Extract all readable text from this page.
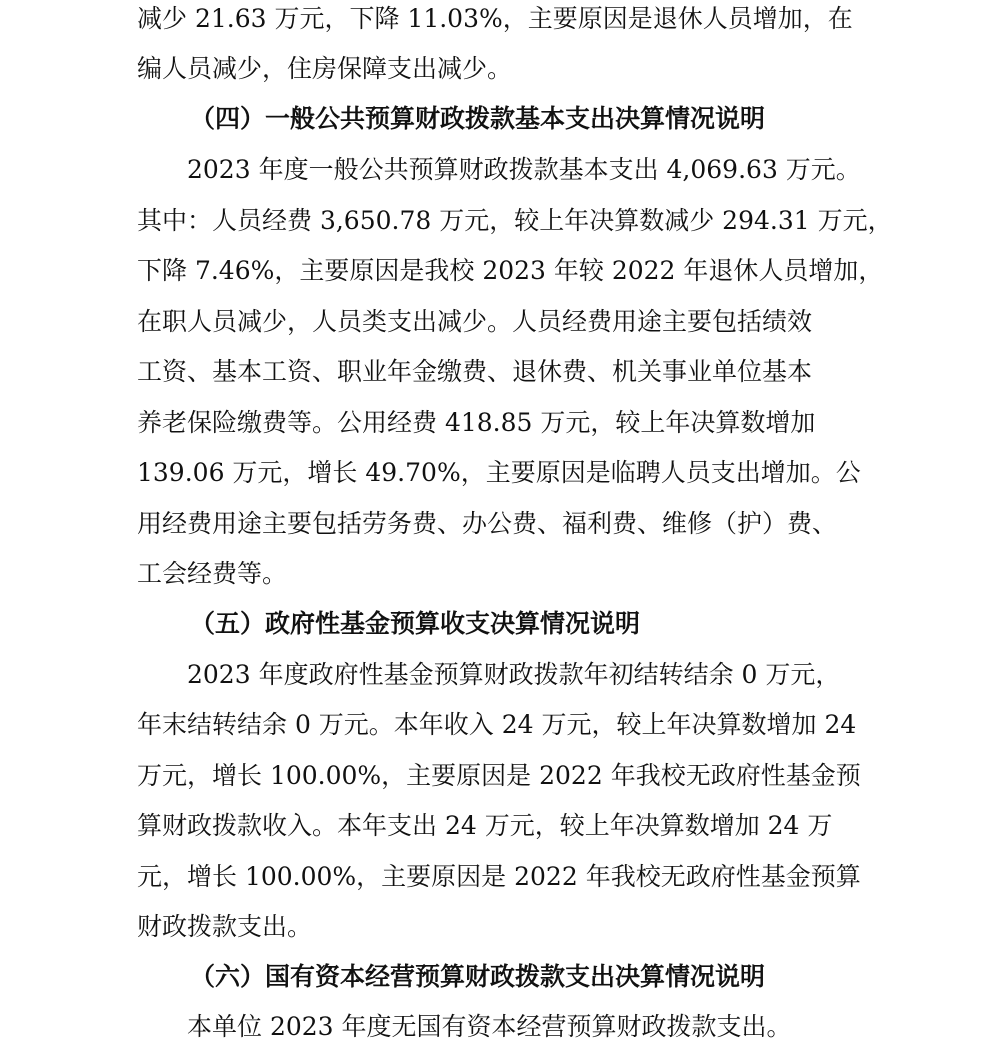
减少 21.63 万元，下降 11.03%，主要原因是退休人员增加，在

编人员减少，住房保障支出减少。

（四）一般公共预算财政拨款基本支出决算情况说明

2023 年度一般公共预算财政拨款基本支出 4,069.63 万元。

其中：人员经费 3,650.78 万元，较上年决算数减少 294.31 万元，

下降 7.46%，主要原因是我校 2023 年较 2022 年退休人员增加，

在职人员减少，人员类支出减少。人员经费用途主要包括绩效

工资、基本工资、职业年金缴费、退休费、机关事业单位基本

养老保险缴费等。公用经费 418.85 万元，较上年决算数增加

139.06 万元，增长 49.70%，主要原因是临聘人员支出增加。公

用经费用途主要包括劳务费、办公费、福利费、维修（护）费、

工会经费等。

（五）政府性基金预算收支决算情况说明

2023 年度政府性基金预算财政拨款年初结转结余 0 万元，

年末结转结余 0 万元。本年收入 24 万元，较上年决算数增加 24

万元，增长 100.00%，主要原因是 2022 年我校无政府性基金预

算财政拨款收入。本年支出 24 万元，较上年决算数增加 24 万

元，增长 100.00%，主要原因是 2022 年我校无政府性基金预算

财政拨款支出。

（六）国有资本经营预算财政拨款支出决算情况说明

本单位 2023 年度无国有资本经营预算财政拨款支出。
